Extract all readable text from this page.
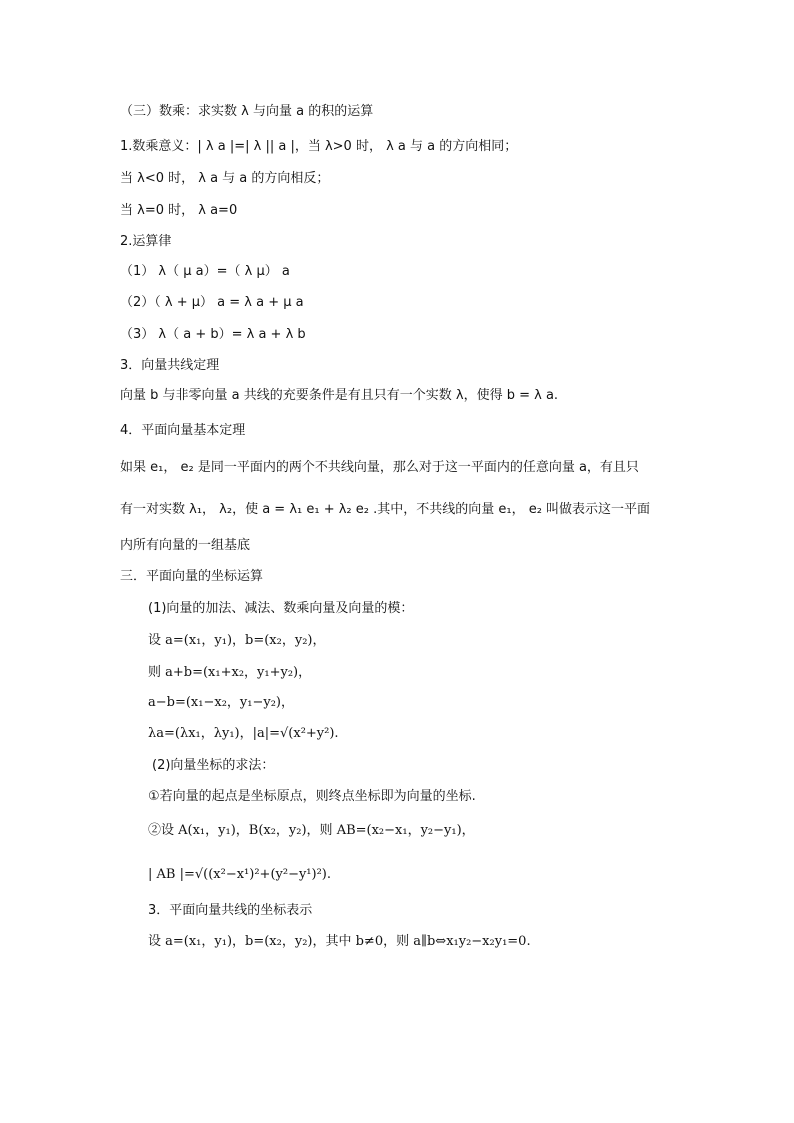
（三）数乘：求实数 λ 与向量 a 的积的运算
1.数乘意义：| λ a |=| λ || a |，当 λ>0 时， λ a 与 a 的方向相同；
当 λ<0 时， λ a 与 a 的方向相反；
当 λ=0 时， λ a=0
2.运算律
（1） λ（ μ a）=（ λ μ） a
（2）（ λ + μ） a = λ a + μ a
（3） λ（ a + b）= λ a + λ b
3．向量共线定理
向量 b 与非零向量 a 共线的充要条件是有且只有一个实数 λ，使得 b = λ a.
4．平面向量基本定理
如果 e₁， e₂ 是同一平面内的两个不共线向量，那么对于这一平面内的任意向量 a，有且只
有一对实数 λ₁， λ₂，使 a = λ₁ e₁ + λ₂ e₂ .其中，不共线的向量 e₁， e₂ 叫做表示这一平面
内所有向量的一组基底
三．平面向量的坐标运算
(1)向量的加法、减法、数乘向量及向量的模：
设 a=(x₁，y₁)，b=(x₂，y₂)，
则 a+b=(x₁+x₂，y₁+y₂)，
a−b=(x₁−x₂，y₁−y₂)，
λa=(λx₁，λy₁)，|a|=√(x²+y²).
(2)向量坐标的求法：
①若向量的起点是坐标原点，则终点坐标即为向量的坐标.
②设 A(x₁，y₁)，B(x₂，y₂)，则 AB=(x₂−x₁，y₂−y₁)，
| AB |=√((x²−x¹)²+(y²−y¹)²).
3．平面向量共线的坐标表示
设 a=(x₁，y₁)，b=(x₂，y₂)，其中 b≠0，则 a∥b⇔x₁y₂−x₂y₁=0.
